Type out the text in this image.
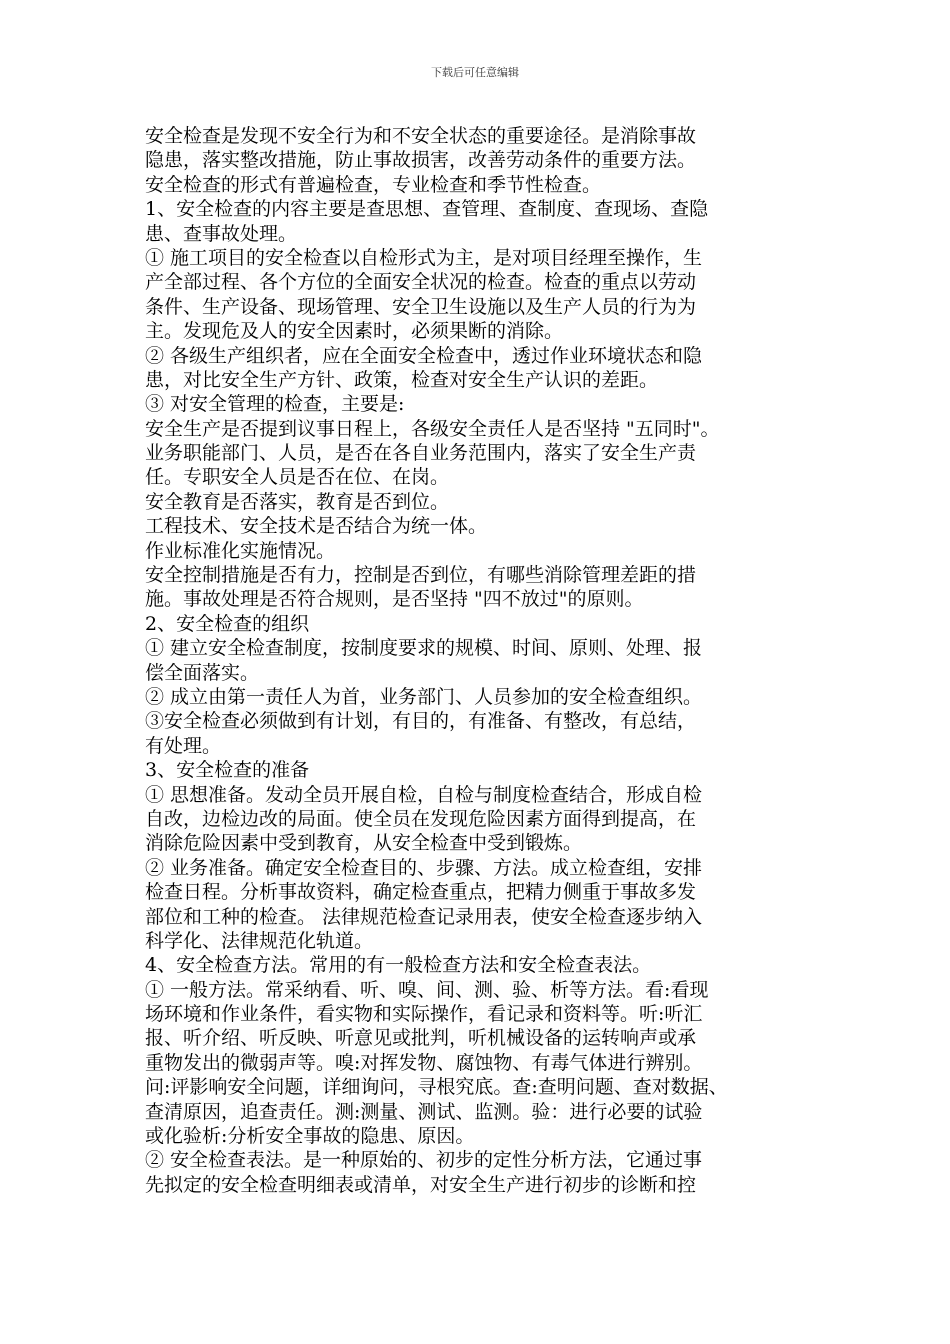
下载后可任意编辑
安全检查是发现不安全行为和不安全状态的重要途径。是消除事故
隐患，落实整改措施，防止事故损害，改善劳动条件的重要方法。
安全检查的形式有普遍检查，专业检查和季节性检查。
1、安全检查的内容主要是查思想、查管理、查制度、查现场、查隐
患、查事故处理。
① 施工项目的安全检查以自检形式为主，是对项目经理至操作，生
产全部过程、各个方位的全面安全状况的检查。检查的重点以劳动
条件、生产设备、现场管理、安全卫生设施以及生产人员的行为为
主。发现危及人的安全因素时，必须果断的消除。
② 各级生产组织者，应在全面安全检查中，透过作业环境状态和隐
患，对比安全生产方针、政策，检查对安全生产认识的差距。
③ 对安全管理的检查，主要是:
安全生产是否提到议事日程上，各级安全责任人是否坚持 "五同时"。
业务职能部门、人员，是否在各自业务范围内，落实了安全生产责
任。专职安全人员是否在位、在岗。
安全教育是否落实，教育是否到位。
工程技术、安全技术是否结合为统一体。
作业标准化实施情况。
安全控制措施是否有力，控制是否到位，有哪些消除管理差距的措
施。事故处理是否符合规则，是否坚持 "四不放过"的原则。
2、安全检查的组织
① 建立安全检查制度，按制度要求的规模、时间、原则、处理、报
偿全面落实。
② 成立由第一责任人为首，业务部门、人员参加的安全检查组织。
③安全检查必须做到有计划，有目的，有准备、有整改，有总结，
有处理。
3、安全检查的准备
① 思想准备。发动全员开展自检，自检与制度检查结合，形成自检
自改，边检边改的局面。使全员在发现危险因素方面得到提高，在
消除危险因素中受到教育，从安全检查中受到锻炼。
② 业务准备。确定安全检查目的、步骤、方法。成立检查组，安排
检查日程。分析事故资料，确定检查重点，把精力侧重于事故多发
部位和工种的检查。 法律规范检查记录用表，使安全检查逐步纳入
科学化、法律规范化轨道。
4、安全检查方法。常用的有一般检查方法和安全检查表法。
① 一般方法。常采纳看、听、嗅、间、测、验、析等方法。看:看现
场环境和作业条件，看实物和实际操作，看记录和资料等。听:听汇
报、听介绍、听反映、听意见或批判，听机械设备的运转响声或承
重物发出的微弱声等。嗅:对挥发物、腐蚀物、有毒气体进行辨别。
问:评影响安全问题，详细询问，寻根究底。查:查明问题、查对数据、
查清原因，追查责任。测:测量、测试、监测。验：进行必要的试验
或化验析:分析安全事故的隐患、原因。
② 安全检查表法。是一种原始的、初步的定性分析方法，它通过事
先拟定的安全检查明细表或清单，对安全生产进行初步的诊断和控
